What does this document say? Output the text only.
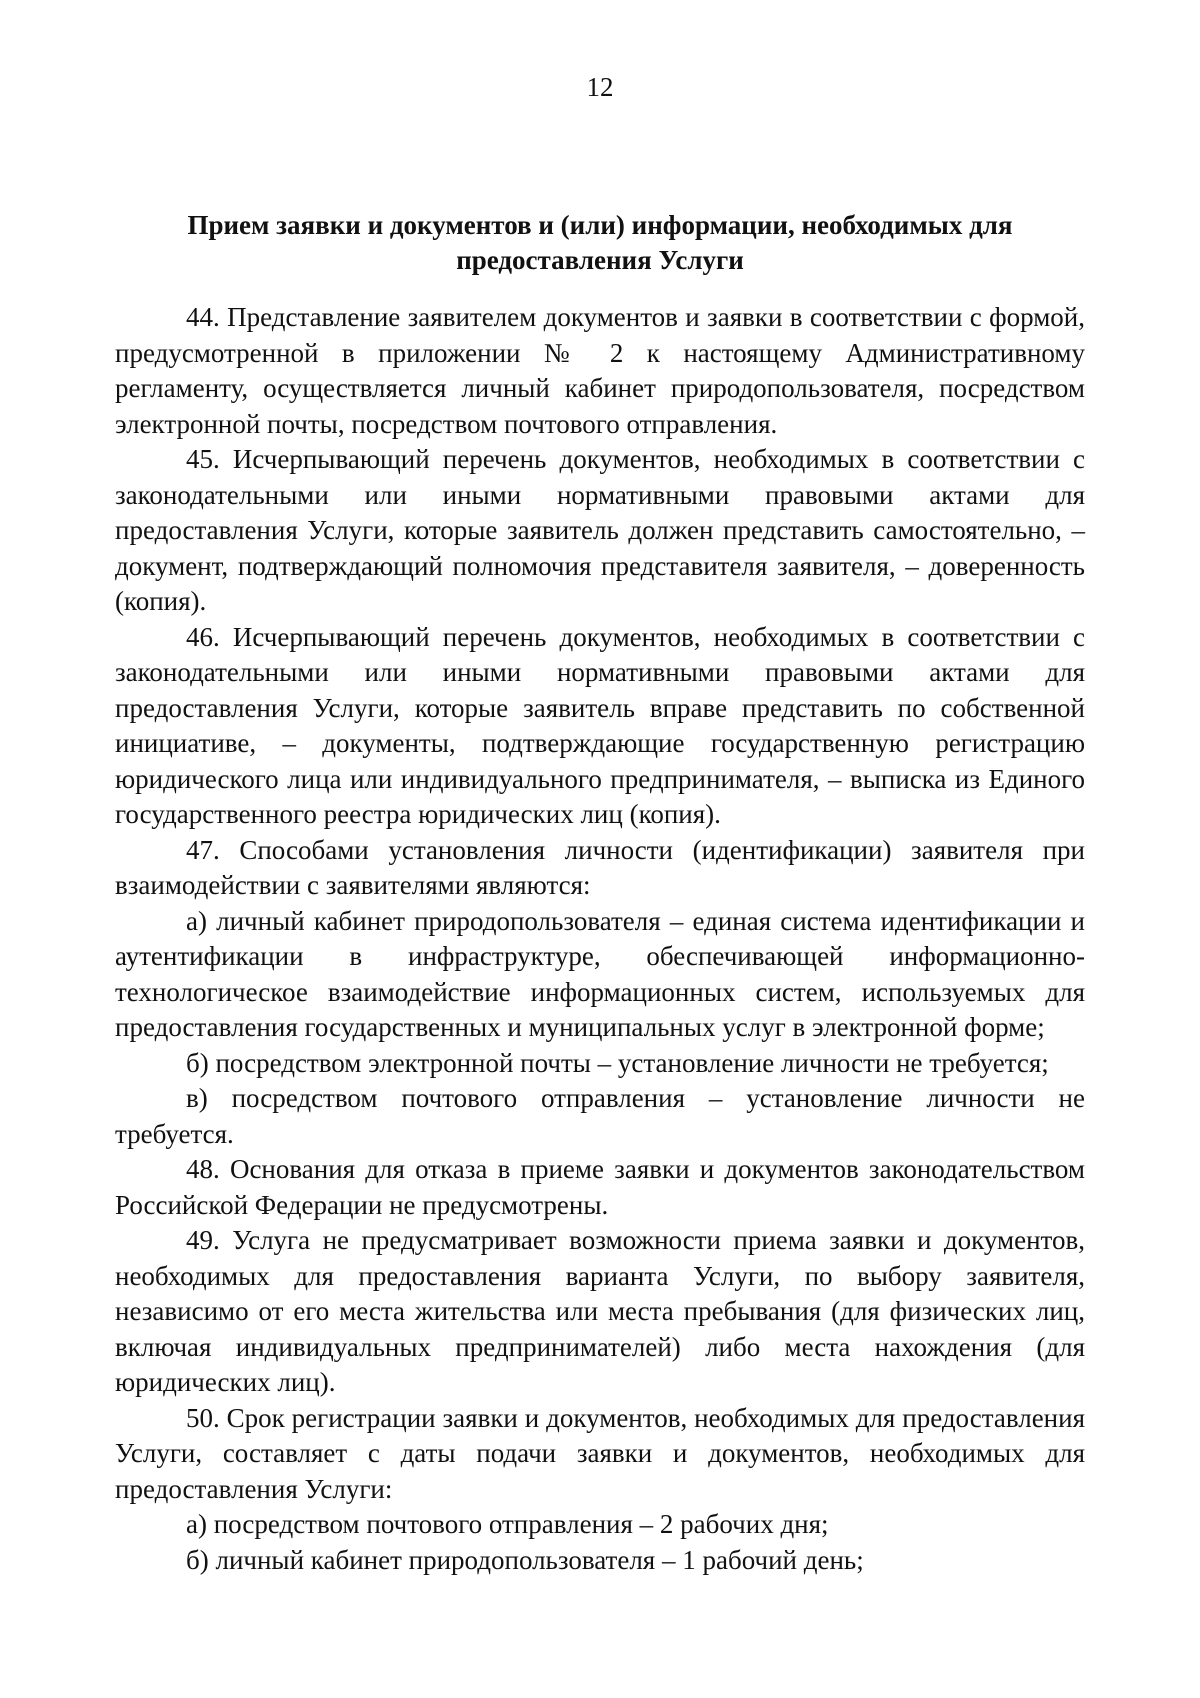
12
Прием заявки и документов и (или) информации, необходимых для
предоставления Услуги

44. Представление заявителем документов и заявки в соответствии с формой, предусмотренной в приложении № 2 к настоящему Административному регламенту, осуществляется личный кабинет природопользователя, посредством электронной почты, посредством почтового отправления.

45. Исчерпывающий перечень документов, необходимых в соответствии с законодательными или иными нормативными правовыми актами для предоставления Услуги, которые заявитель должен представить самостоятельно, – документ, подтверждающий полномочия представителя заявителя, – доверенность (копия).

46. Исчерпывающий перечень документов, необходимых в соответствии с законодательными или иными нормативными правовыми актами для предоставления Услуги, которые заявитель вправе представить по собственной инициативе, – документы, подтверждающие государственную регистрацию юридического лица или индивидуального предпринимателя, – выписка из Единого государственного реестра юридических лиц (копия).

47. Способами установления личности (идентификации) заявителя при взаимодействии с заявителями являются:

а) личный кабинет природопользователя – единая система идентификации и аутентификации в инфраструктуре, обеспечивающей информационно-технологическое взаимодействие информационных систем, используемых для предоставления государственных и муниципальных услуг в электронной форме;

б) посредством электронной почты – установление личности не требуется;

в) посредством почтового отправления – установление личности не требуется.

48. Основания для отказа в приеме заявки и документов законодательством Российской Федерации не предусмотрены.

49. Услуга не предусматривает возможности приема заявки и документов, необходимых для предоставления варианта Услуги, по выбору заявителя, независимо от его места жительства или места пребывания (для физических лиц, включая индивидуальных предпринимателей) либо места нахождения (для юридических лиц).

50. Срок регистрации заявки и документов, необходимых для предоставления Услуги, составляет с даты подачи заявки и документов, необходимых для предоставления Услуги:

а) посредством почтового отправления – 2 рабочих дня;

б) личный кабинет природопользователя – 1 рабочий день;
